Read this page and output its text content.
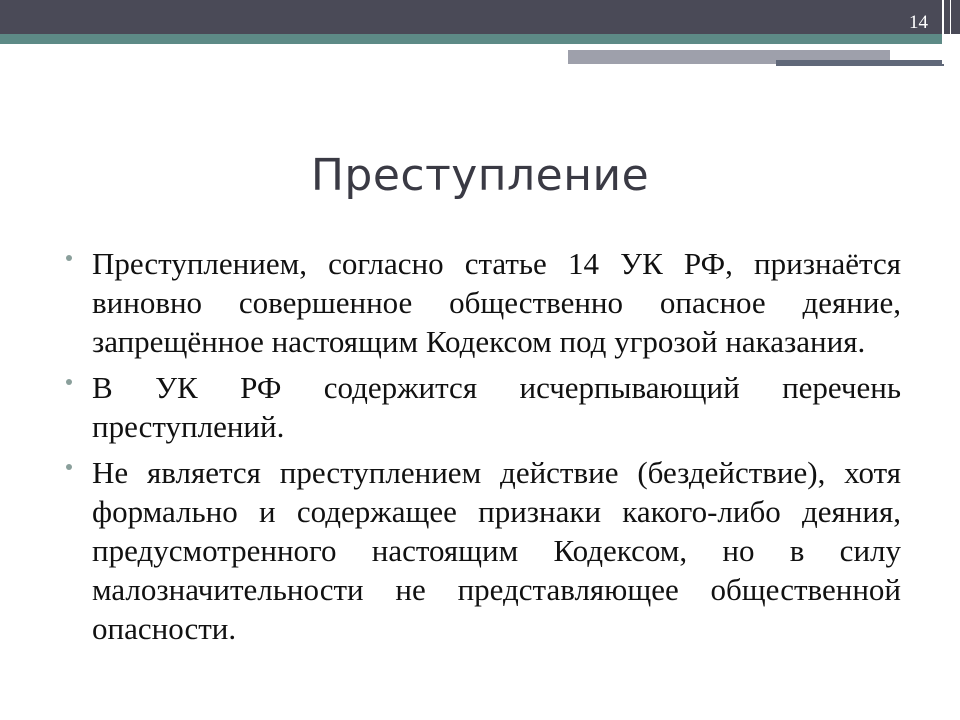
14
Преступление
Преступлением, согласно статье 14 УК РФ, признаётся виновно совершенное общественно опасное деяние, запрещённое настоящим Кодексом под угрозой наказания.
В УК РФ содержится исчерпывающий перечень преступлений.
Не является преступлением действие (бездействие), хотя формально и содержащее признаки какого-либо деяния, предусмотренного настоящим Кодексом, но в силу малозначительности не представляющее общественной опасности.
